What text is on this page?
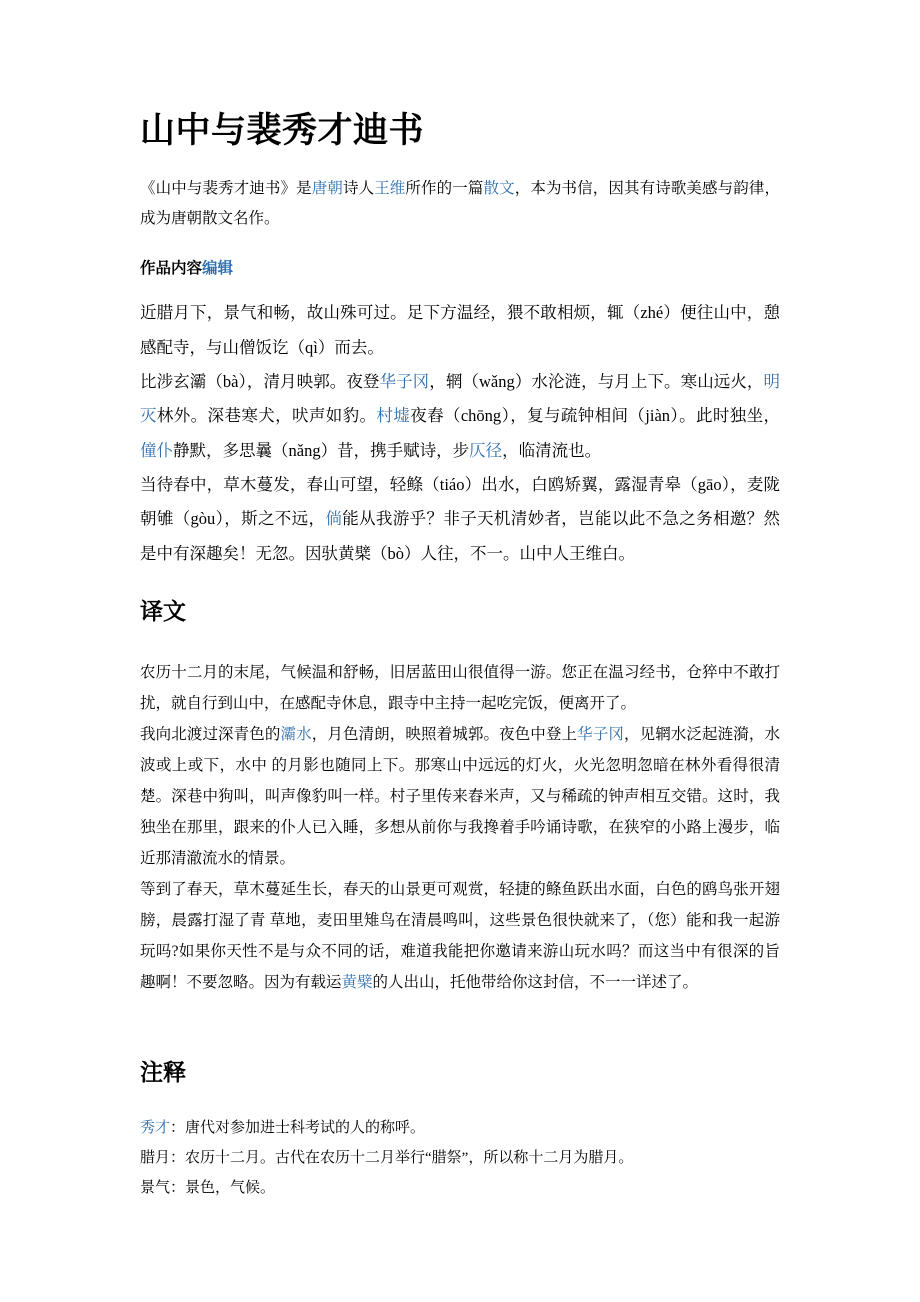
山中与裴秀才迪书

《山中与裴秀才迪书》是唐朝诗人王维所作的一篇散文，本为书信，因其有诗歌美感与韵律，成为唐朝散文名作。

作品内容编辑
近腊月下，景气和畅，故山殊可过。足下方温经，猥不敢相烦，辄（zhé）便往山中，憩感配寺，与山僧饭讫（qì）而去。
比涉玄灞（bà），清月映郭。夜登华子冈，辋（wǎng）水沦涟，与月上下。寒山远火，明灭林外。深巷寒犬，吠声如豹。村墟夜舂（chōng），复与疏钟相间（jiàn）。此时独坐，僮仆静默，多思曩（nǎng）昔，携手赋诗，步仄径，临清流也。
当待春中，草木蔓发，春山可望，轻鲦（tiáo）出水，白鸥矫翼，露湿青皋（gāo），麦陇朝雊（gòu），斯之不远，倘能从我游乎？非子天机清妙者，岂能以此不急之务相邀？然是中有深趣矣！无忽。因驮黄檗（bò）人往，不一。山中人王维白。
译文
农历十二月的末尾，气候温和舒畅，旧居蓝田山很值得一游。您正在温习经书，仓猝中不敢打扰，就自行到山中，在感配寺休息，跟寺中主持一起吃完饭，便离开了。
我向北渡过深青色的灞水，月色清朗，映照着城郭。夜色中登上华子冈，见辋水泛起涟漪，水波或上或下，水中 的月影也随同上下。那寒山中远远的灯火，火光忽明忽暗在林外看得很清楚。深巷中狗叫，叫声像豹叫一样。村子里传来舂米声，又与稀疏的钟声相互交错。这时，我独坐在那里，跟来的仆人已入睡，多想从前你与我搀着手吟诵诗歌，在狭窄的小路上漫步，临近那清澈流水的情景。
等到了春天，草木蔓延生长，春天的山景更可观赏，轻捷的鲦鱼跃出水面，白色的鸥鸟张开翅膀，晨露打湿了青 草地，麦田里雉鸟在清晨鸣叫，这些景色很快就来了，（您）能和我一起游玩吗?如果你天性不是与众不同的话，难道我能把你邀请来游山玩水吗？而这当中有很深的旨趣啊！不要忽略。因为有载运黄檗的人出山，托他带给你这封信，不一一详述了。
注释

秀才：唐代对参加进士科考试的人的称呼。

腊月：农历十二月。古代在农历十二月举行“腊祭”，所以称十二月为腊月。

景气：景色，气候。
